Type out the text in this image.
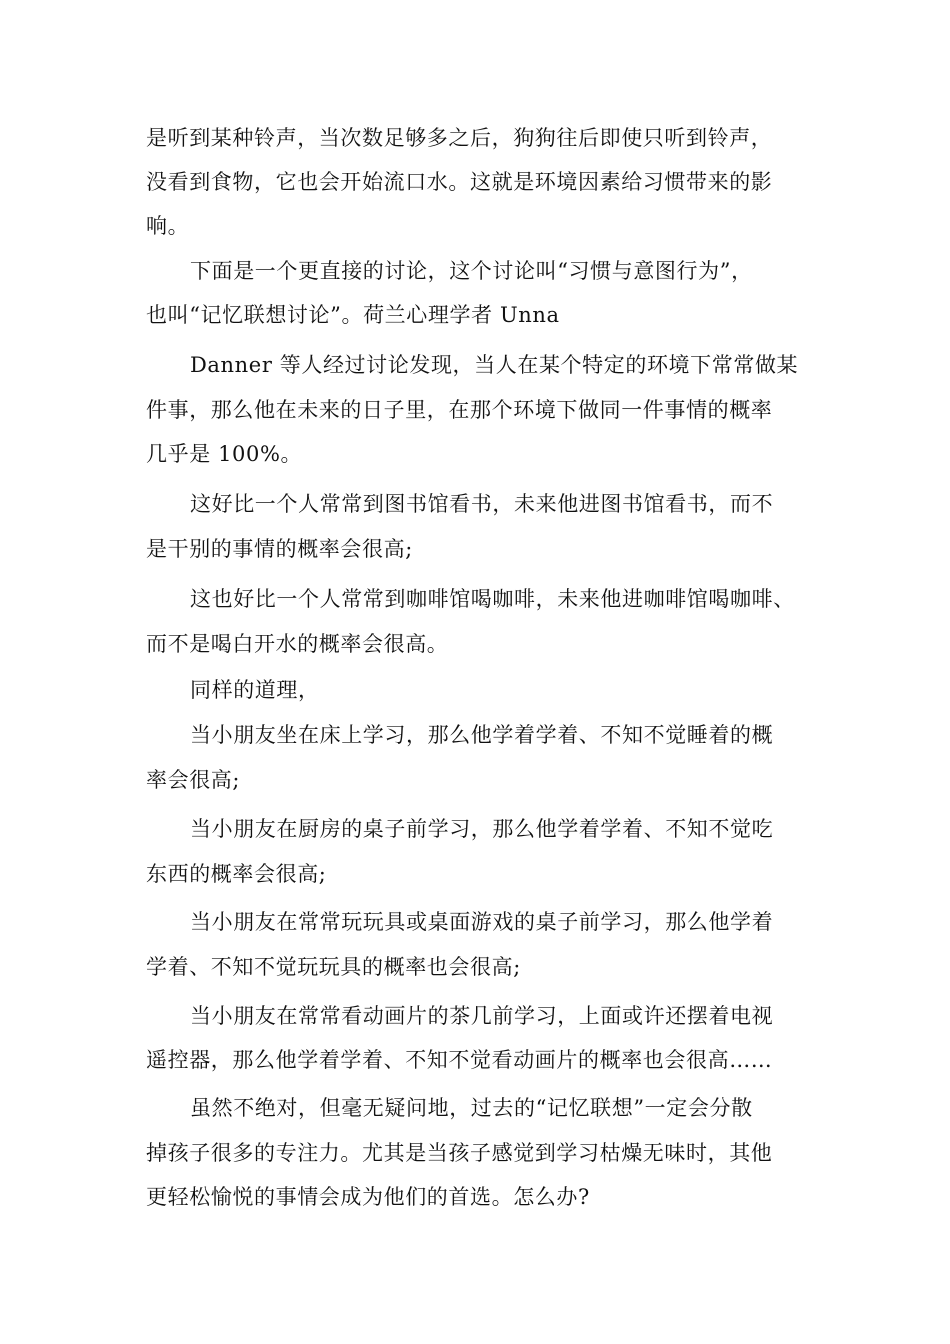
是听到某种铃声，当次数足够多之后，狗狗往后即使只听到铃声，
没看到食物，它也会开始流口水。这就是环境因素给习惯带来的影
响。
下面是一个更直接的讨论，这个讨论叫“习惯与意图行为”，
也叫“记忆联想讨论”。荷兰心理学者 Unna
Danner 等人经过讨论发现，当人在某个特定的环境下常常做某
件事，那么他在未来的日子里，在那个环境下做同一件事情的概率
几乎是 100%。
这好比一个人常常到图书馆看书，未来他进图书馆看书，而不
是干别的事情的概率会很高;
这也好比一个人常常到咖啡馆喝咖啡，未来他进咖啡馆喝咖啡、
而不是喝白开水的概率会很高。
同样的道理，
当小朋友坐在床上学习，那么他学着学着、不知不觉睡着的概
率会很高;
当小朋友在厨房的桌子前学习，那么他学着学着、不知不觉吃
东西的概率会很高;
当小朋友在常常玩玩具或桌面游戏的桌子前学习，那么他学着
学着、不知不觉玩玩具的概率也会很高;
当小朋友在常常看动画片的茶几前学习，上面或许还摆着电视
遥控器，那么他学着学着、不知不觉看动画片的概率也会很高……
虽然不绝对，但毫无疑问地，过去的“记忆联想”一定会分散
掉孩子很多的专注力。尤其是当孩子感觉到学习枯燥无味时，其他
更轻松愉悦的事情会成为他们的首选。怎么办?
